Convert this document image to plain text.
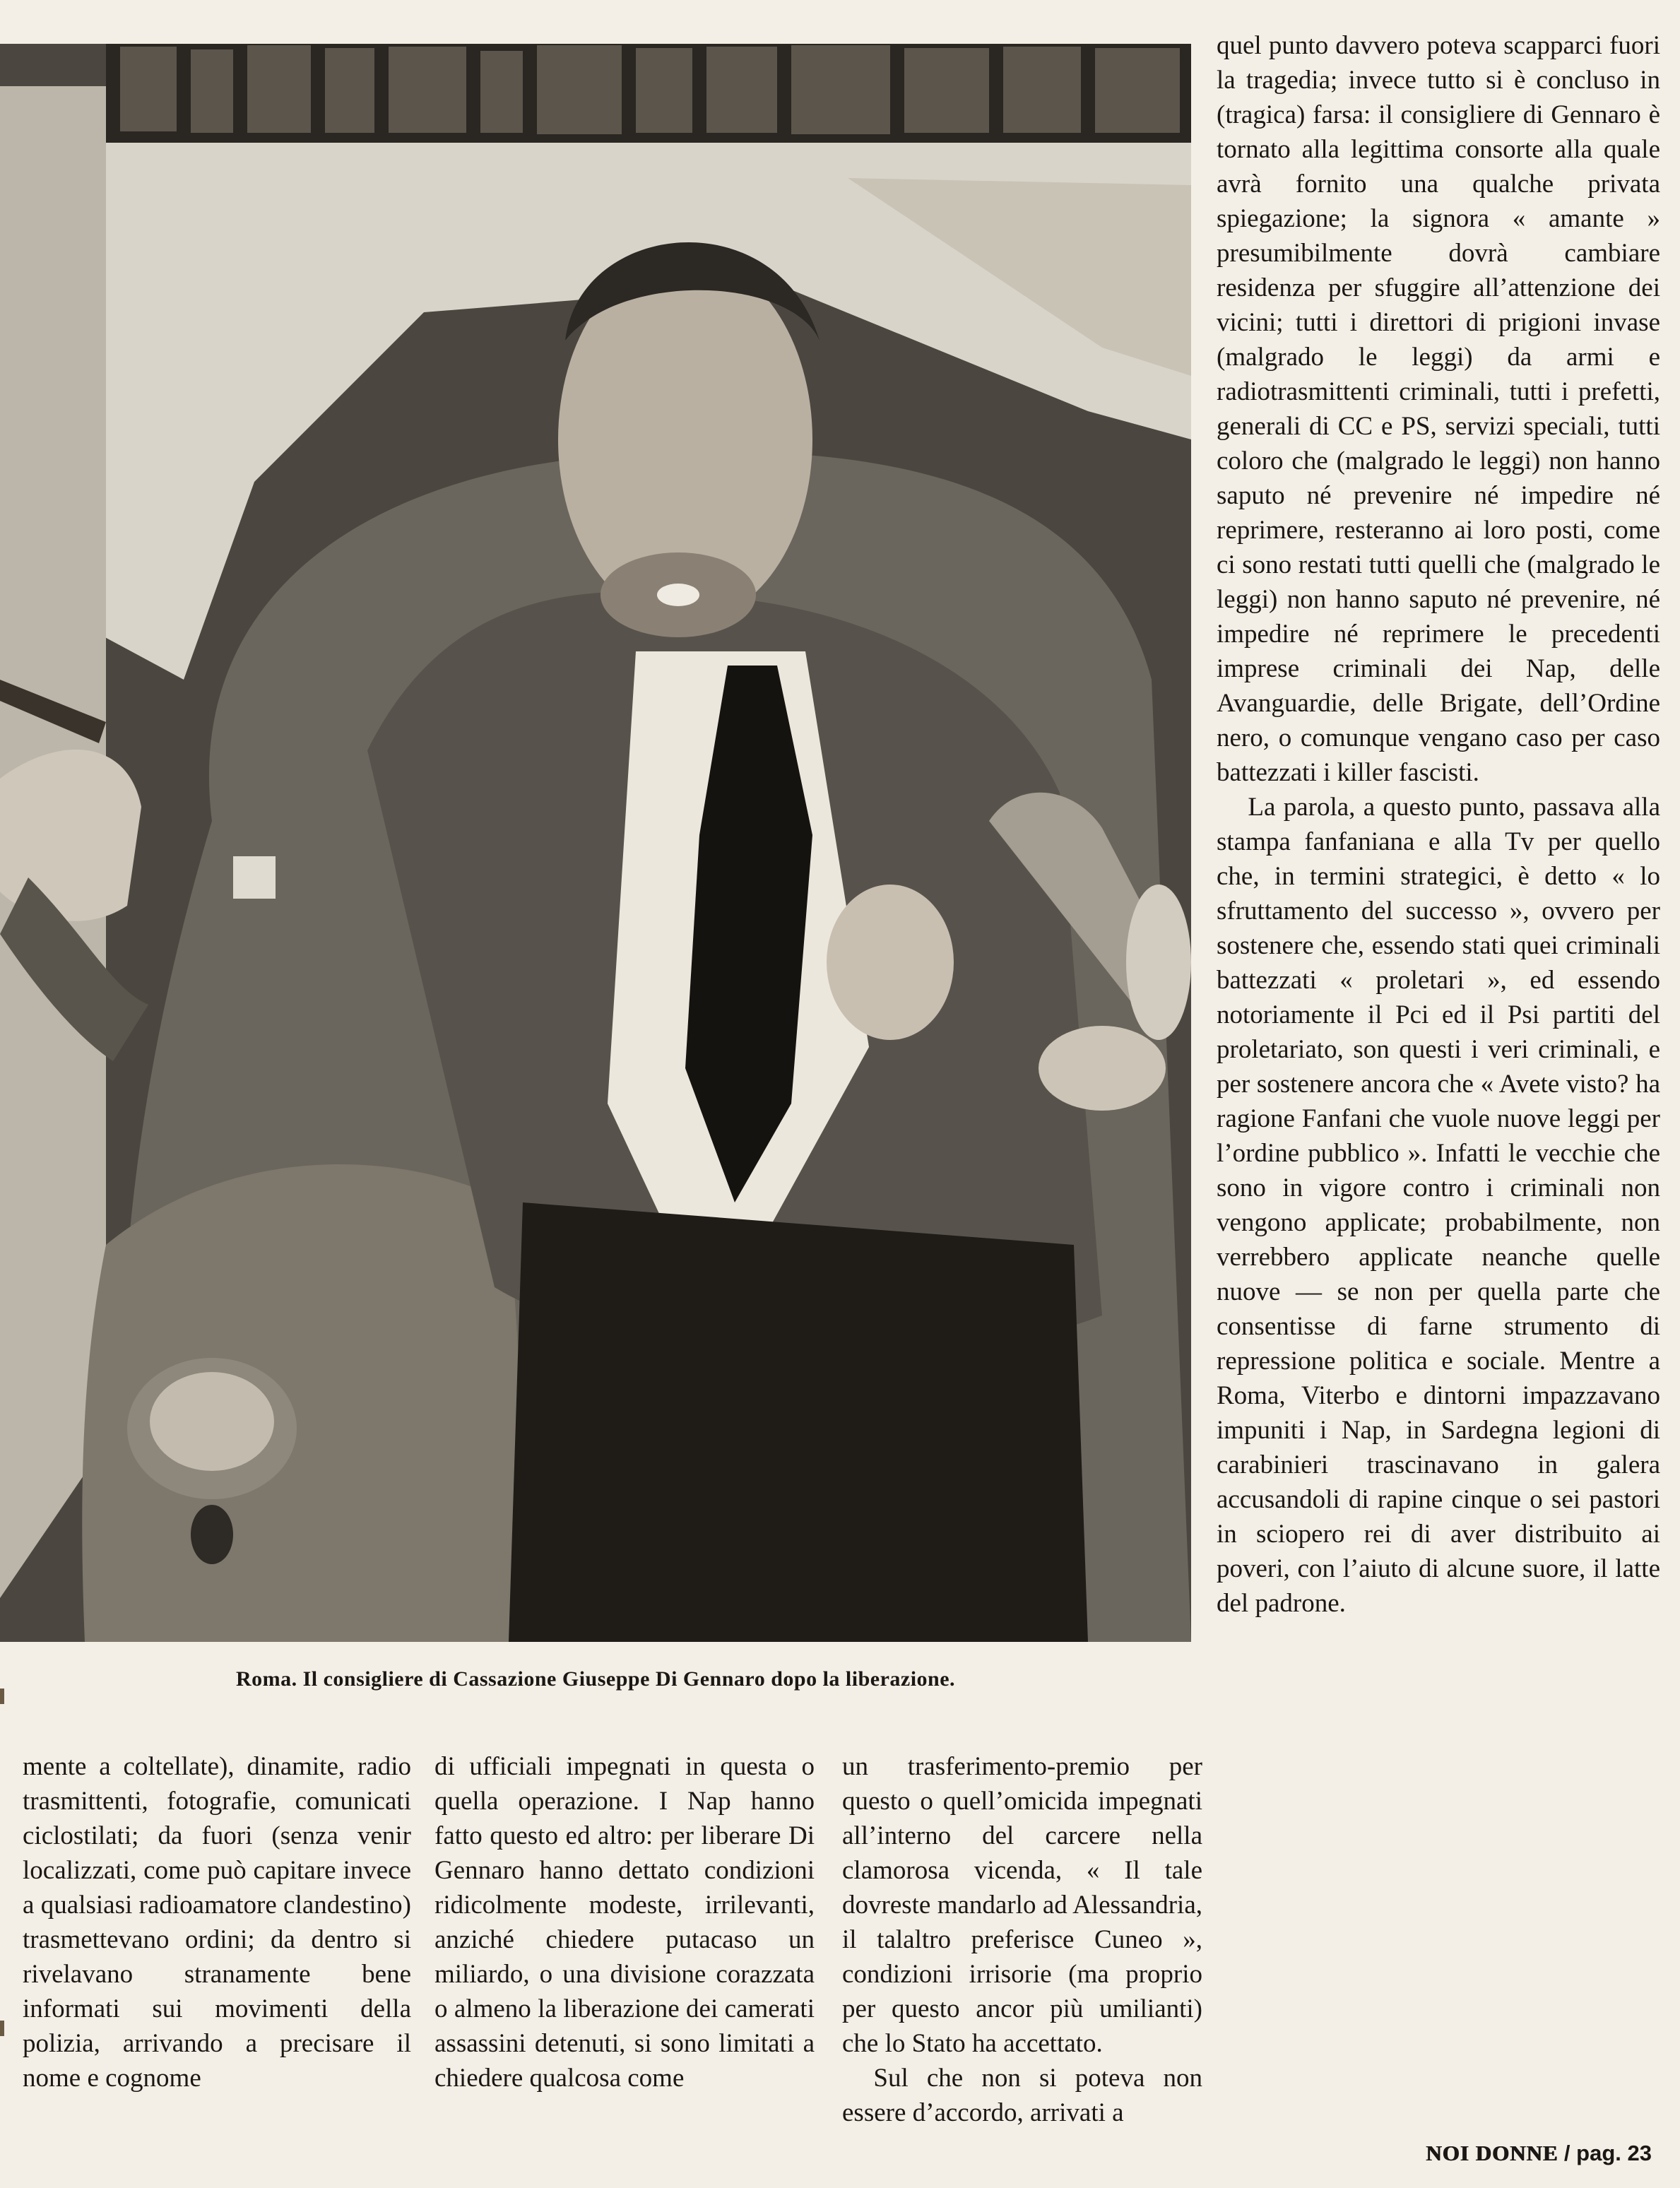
Roma. Il consigliere di Cassazione Giuseppe Di Gennaro dopo la liberazione.

quel punto davvero poteva scapparci fuori la tragedia; invece tutto si è concluso in (tragica) farsa: il consigliere di Gennaro è tornato alla legittima consorte alla quale avrà fornito una qualche privata spiegazione; la signora « amante » presumibilmente dovrà cambiare residenza per sfuggire all’attenzione dei vicini; tutti i direttori di prigioni invase (malgrado le leggi) da armi e radiotrasmittenti criminali, tutti i prefetti, generali di CC e PS, servizi speciali, tutti coloro che (malgrado le leggi) non hanno saputo né prevenire né impedire né reprimere, resteranno ai loro posti, come ci sono restati tutti quelli che (malgrado le leggi) non hanno saputo né prevenire, né impedire né reprimere le precedenti imprese criminali dei Nap, delle Avanguardie, delle Brigate, dell’Ordine nero, o comunque vengano caso per caso battezzati i killer fascisti.

La parola, a questo punto, passava alla stampa fanfaniana e alla Tv per quello che, in termini strategici, è detto « lo sfruttamento del successo », ovvero per sostenere che, essendo stati quei criminali battezzati « proletari », ed essendo notoriamente il Pci ed il Psi partiti del proletariato, son questi i veri criminali, e per sostenere ancora che « Avete visto? ha ragione Fanfani che vuole nuove leggi per l’ordine pubblico ». Infatti le vecchie che sono in vigore contro i criminali non vengono applicate; probabilmente, non verrebbero applicate neanche quelle nuove — se non per quella parte che consentisse di farne strumento di repressione politica e sociale. Mentre a Roma, Viterbo e dintorni impazzavano impuniti i Nap, in Sardegna legioni di carabinieri trascinavano in galera accusandoli di rapine cinque o sei pastori in sciopero rei di aver distribuito ai poveri, con l’aiuto di alcune suore, il latte del padrone.

mente a coltellate), dinamite, radio trasmittenti, fotografie, comunicati ciclostilati; da fuori (senza venir localizzati, come può capitare invece a qualsiasi radioamatore clandestino) trasmettevano ordini; da dentro si rivelavano stranamente bene informati sui movimenti della polizia, arrivando a precisare il nome e cognome

di ufficiali impegnati in questa o quella operazione. I Nap hanno fatto questo ed altro: per liberare Di Gennaro hanno dettato condizioni ridicolmente modeste, irrilevanti, anziché chiedere putacaso un miliardo, o una divisione corazzata o almeno la liberazione dei camerati assassini detenuti, si sono limitati a chiedere qualcosa come

un trasferimento-premio per questo o quell’omicida impegnati all’interno del carcere nella clamorosa vicenda, « Il tale dovreste mandarlo ad Alessandria, il talaltro preferisce Cuneo », condizioni irrisorie (ma proprio per questo ancor più umilianti) che lo Stato ha accettato.

Sul che non si poteva non essere d’accordo, arrivati a

NOI DONNE / pag. 23
